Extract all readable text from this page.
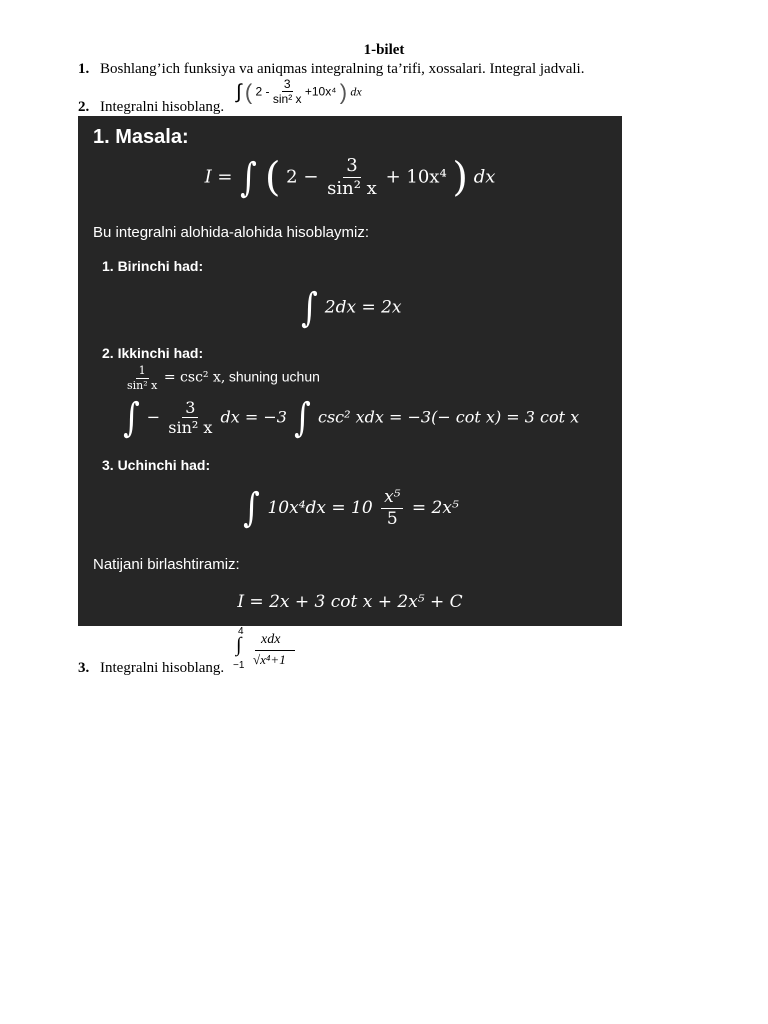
1-bilet
1. Boshlang’ich funksiya va aniqmas integralning ta’rifi, xossalari. Integral jadvali.
∫ ( $2 - \frac{3}{\text{sin² x}} +10x^4$ ) dx
2. Integralni hisoblang.
1. Masala:
I = ∫ ( $2 - \frac{3}{\text{sin² x}} + 10x^4$ ) dx
Bu integralni alohida-alohida hisoblaymiz:
1. Birinchi had:
∫ 2dx = 2x
2. Ikkinchi had:
$\frac{1}{\text{sin² x}} = \csc^2$ x, shuning uchun
∫ − $\frac{3}{\text{sin² x}}$ dx = −3 ∫ csc² xdx = −3(− cot x) = 3 cot x
3. Uchinchi had:
∫ $10x^4dx = 10 \frac{\text{x⁵}}{5} = 2x^5$
Natijani birlashtiramiz:
I = 2x + 3 cot x + 2x⁵ + C
4
∫
−1
xdx
√x⁴+1
3. Integralni hisoblang.
